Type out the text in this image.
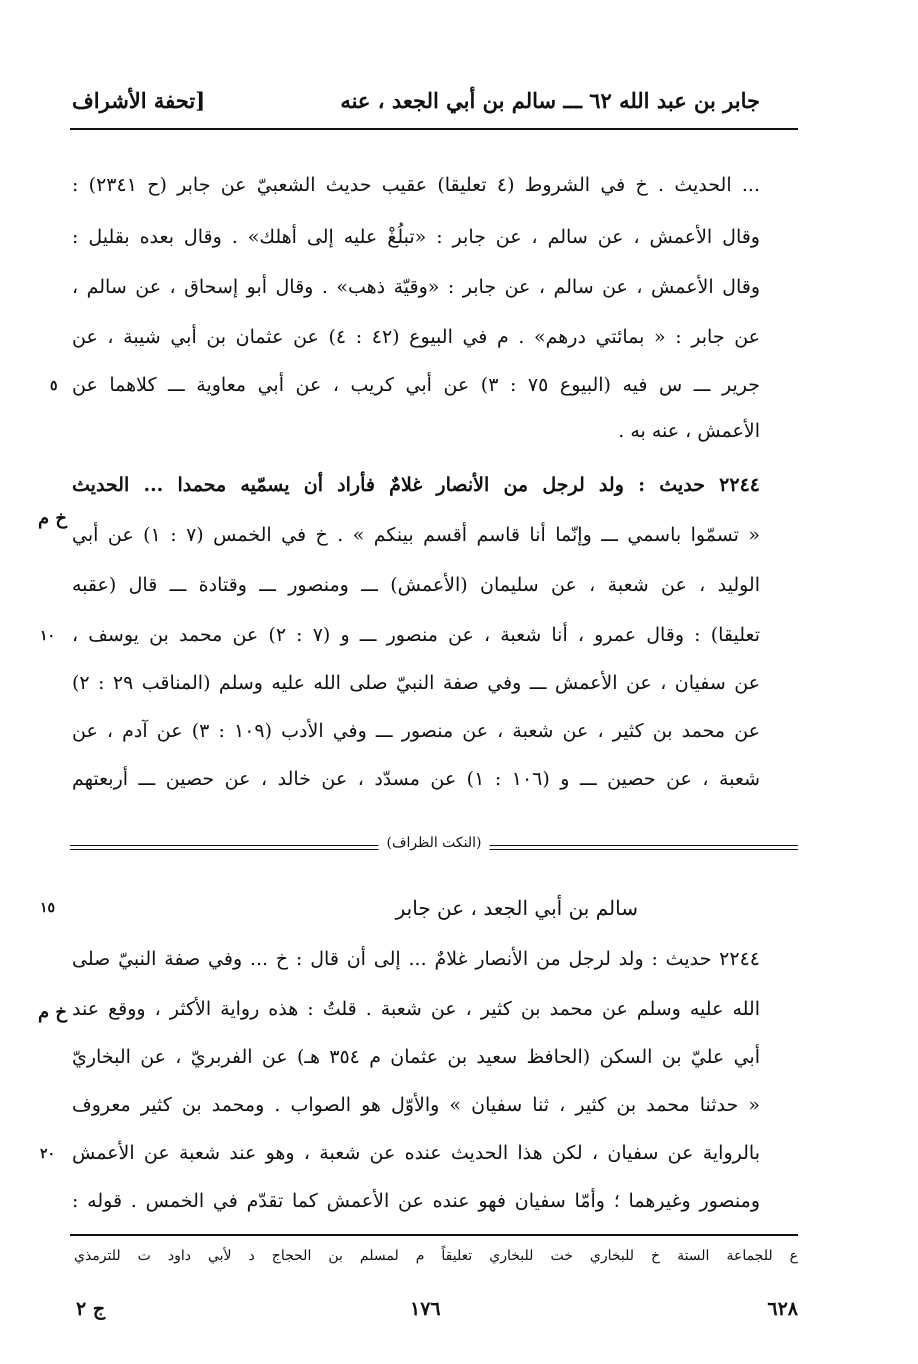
جابر بن عبد الله ٦٢ ـــ سالم بن أبي الجعد ، عنه
[تحفة الأشراف
... الحديث . خ في الشروط (٤ تعليقا) عقيب حديث الشعبيّ عن جابر (ح ٢٣٤١) :
وقال الأعمش ، عن سالم ، عن جابر : «تبلُغْ عليه إلى أهلك» . وقال بعده بقليل :
وقال الأعمش ، عن سالم ، عن جابر : «وقيّة ذهب» . وقال أبو إسحاق ، عن سالم ،
عن جابر : « بمائتي درهم» . م في البيوع (٤٢ : ٤) عن عثمان بن أبي شيبة ، عن
جرير ـــ س فيه (البيوع ٧٥ : ٣) عن أبي كريب ، عن أبي معاوية ـــ كلاهما عن
الأعمش ، عنه به .
٥
٢٢٤٤ حديث : ولد لرجل من الأنصار غلامٌ فأراد أن يسمّيه محمدا ... الحديث
« تسمّوا باسمي ـــ وإنّما أنا قاسم أقسم بينكم » . خ في الخمس (٧ : ١) عن أبي
الوليد ، عن شعبة ، عن سليمان (الأعمش) ـــ ومنصور ـــ وقتادة ـــ قال (عقبه
تعليقا) : وقال عمرو ، أنا شعبة ، عن منصور ـــ و (٧ : ٢) عن محمد بن يوسف ،
عن سفيان ، عن الأعمش ـــ وفي صفة النبيّ صلى الله عليه وسلم (المناقب ٢٩ : ٢)
عن محمد بن كثير ، عن شعبة ، عن منصور ـــ وفي الأدب (١٠٩ : ٣) عن آدم ، عن
شعبة ، عن حصين ـــ و (١٠٦ : ١) عن مسدّد ، عن خالد ، عن حصين ـــ أربعتهم
خ م
١٠
(النكت الظراف)
سالم بن أبي الجعد ، عن جابر
١٥
٢٢٤٤ حديث : ولد لرجل من الأنصار غلامٌ ... إلى أن قال : خ ... وفي صفة النبيّ صلى
الله عليه وسلم عن محمد بن كثير ، عن شعبة . قلتُ : هذه رواية الأكثر ، ووقع عند
أبي عليّ بن السكن (الحافظ سعيد بن عثمان م ٣٥٤ هـ) عن الفربريّ ، عن البخاريّ
« حدثنا محمد بن كثير ، ثنا سفيان » والأوّل هو الصواب . ومحمد بن كثير معروف
بالرواية عن سفيان ، لكن هذا الحديث عنده عن شعبة ، وهو عند شعبة عن الأعمش
ومنصور وغيرهما ؛ وأمّا سفيان فهو عنده عن الأعمش كما تقدّم في الخمس . قوله :
خ م
٢٠
ع للجماعة الستة خ للبخاري خت للبخاري تعليقاً م لمسلم بن الحجاج د لأبي داود ت للترمذي
٦٢٨
١٧٦
ج ٢
